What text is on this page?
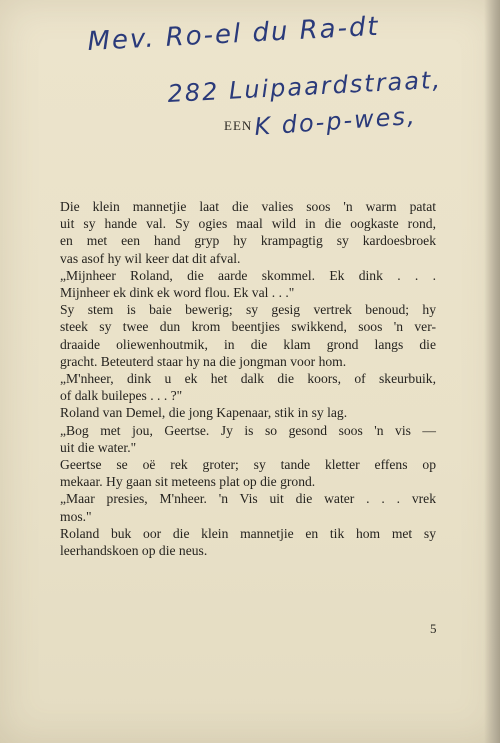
Mev. Ro-el du Ra-dt
282 Luipaardstraat,
K do-p-wes,
EEN
Die klein mannetjie laat die valies soos 'n warm patat
uit sy hande val. Sy ogies maal wild in die oogkaste rond,
en met een hand gryp hy krampagtig sy kardoesbroek
vas asof hy wil keer dat dit afval.
„Mijnheer Roland, die aarde skommel. Ek dink . . .
Mijnheer ek dink ek word flou. Ek val . . ."
Sy stem is baie bewerig; sy gesig vertrek benoud; hy
steek sy twee dun krom beentjies swikkend, soos 'n ver-
draaide oliewenhoutmik, in die klam grond langs die
gracht. Beteuterd staar hy na die jongman voor hom.
„M'nheer, dink u ek het dalk die koors, of skeurbuik,
of dalk builepes . . . ?"
Roland van Demel, die jong Kapenaar, stik in sy lag.
„Bog met jou, Geertse. Jy is so gesond soos 'n vis —
uit die water."
Geertse se oë rek groter; sy tande kletter effens op
mekaar. Hy gaan sit meteens plat op die grond.
„Maar presies, M'nheer. 'n Vis uit die water . . . vrek
mos."
Roland buk oor die klein mannetjie en tik hom met sy
leerhandskoen op die neus.
5
